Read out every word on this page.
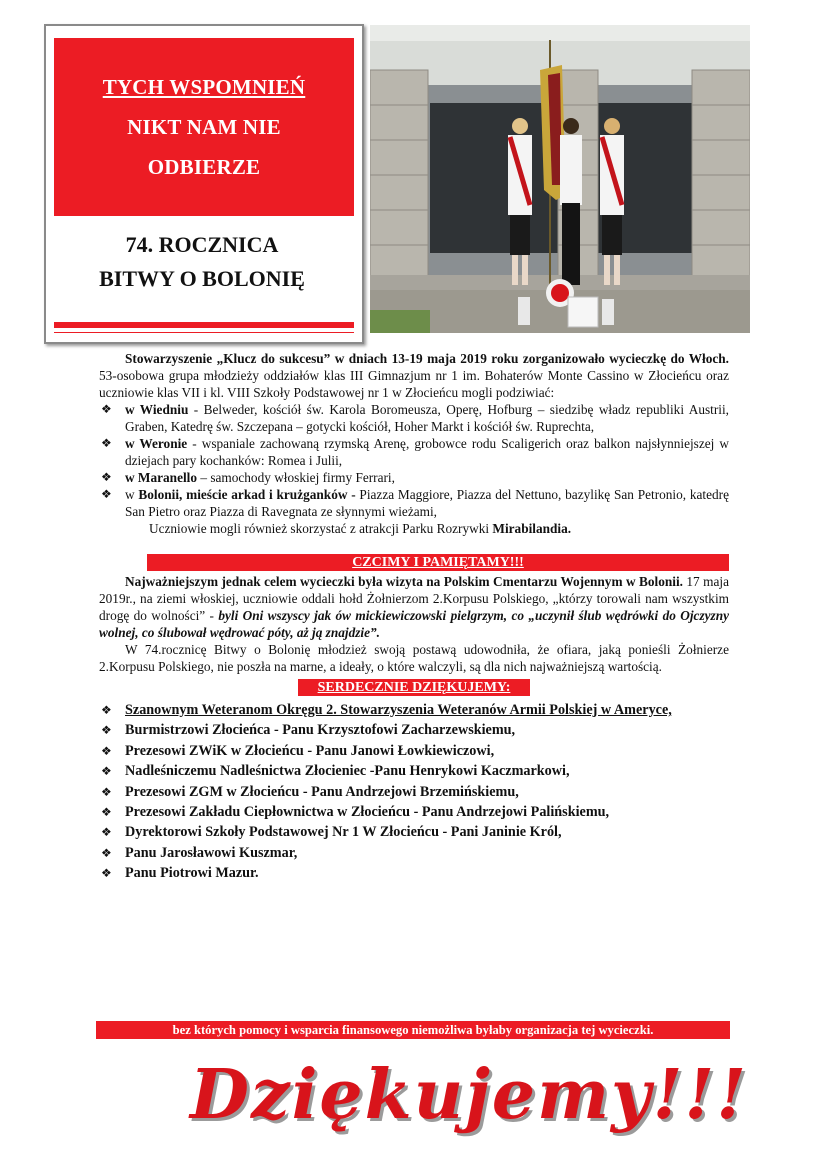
TYCH WSPOMNIEŃ
NIKT NAM NIE
ODBIERZE
74. ROCZNICA
BITWY O BOLONIĘ

Stowarzyszenie „Klucz do sukcesu” w dniach 13-19 maja 2019 roku zorganizowało wycieczkę do Włoch. 53-osobowa grupa młodzieży oddziałów klas III Gimnazjum nr 1 im. Bohaterów Monte Cassino w Złocieńcu oraz uczniowie klas VII i kl. VIII Szkoły Podstawowej nr 1 w Złocieńcu mogli podziwiać:

❖ w Wiedniu - Belweder, kościół św. Karola Boromeusza, Operę, Hofburg – siedzibę władz republiki Austrii, Graben, Katedrę św. Szczepana – gotycki kościół, Hoher Markt i kościół św. Ruprechta,
❖ w Weronie - wspaniale zachowaną rzymską Arenę, grobowce rodu Scaligerich oraz balkon najsłynniejszej w dziejach pary kochanków: Romea i Julii,
❖ w Maranello – samochody włoskiej firmy Ferrari,
❖ w Bolonii, mieście arkad i krużganków - Piazza Maggiore, Piazza del Nettuno, bazylikę San Petronio, katedrę San Pietro oraz Piazza di Ravegnata ze słynnymi wieżami,

Uczniowie mogli również skorzystać z atrakcji Parku Rozrywki Mirabilandia.

CZCIMY I PAMIĘTAMY!!!

Najważniejszym jednak celem wycieczki była wizyta na Polskim Cmentarzu Wojennym w Bolonii. 17 maja 2019r., na ziemi włoskiej, uczniowie oddali hołd Żołnierzom 2.Korpusu Polskiego, „którzy torowali nam wszystkim drogę do wolności” - byli Oni wszyscy jak ów mickiewiczowski pielgrzym, co „uczynił ślub wędrówki do Ojczyzny wolnej, co ślubował wędrować póty, aż ją znajdzie”.

W 74.rocznicę Bitwy o Bolonię młodzież swoją postawą udowodniła, że ofiara, jaką ponieśli Żołnierze 2.Korpusu Polskiego, nie poszła na marne, a ideały, o które walczyli, są dla nich najważniejszą wartością.

SERDECZNIE DZIĘKUJEMY:
❖ Szanownym Weteranom Okręgu 2. Stowarzyszenia Weteranów Armii Polskiej w Ameryce,
❖ Burmistrzowi Złocieńca - Panu Krzysztofowi Zacharzewskiemu,
❖ Prezesowi ZWiK w Złocieńcu - Panu Janowi Łowkiewiczowi,
❖ Nadleśniczemu Nadleśnictwa Złocieniec -Panu Henrykowi Kaczmarkowi,
❖ Prezesowi ZGM w Złocieńcu - Panu Andrzejowi Brzemińskiemu,
❖ Prezesowi Zakładu Ciepłownictwa w Złocieńcu - Panu Andrzejowi Palińskiemu,
❖ Dyrektorowi Szkoły Podstawowej Nr 1 W Złocieńcu - Pani Janinie Król,
❖ Panu Jarosławowi Kuszmar,
❖ Panu Piotrowi Mazur.
bez których pomocy i wsparcia finansowego niemożliwa byłaby organizacja tej wycieczki.
Dziękujemy!!!
